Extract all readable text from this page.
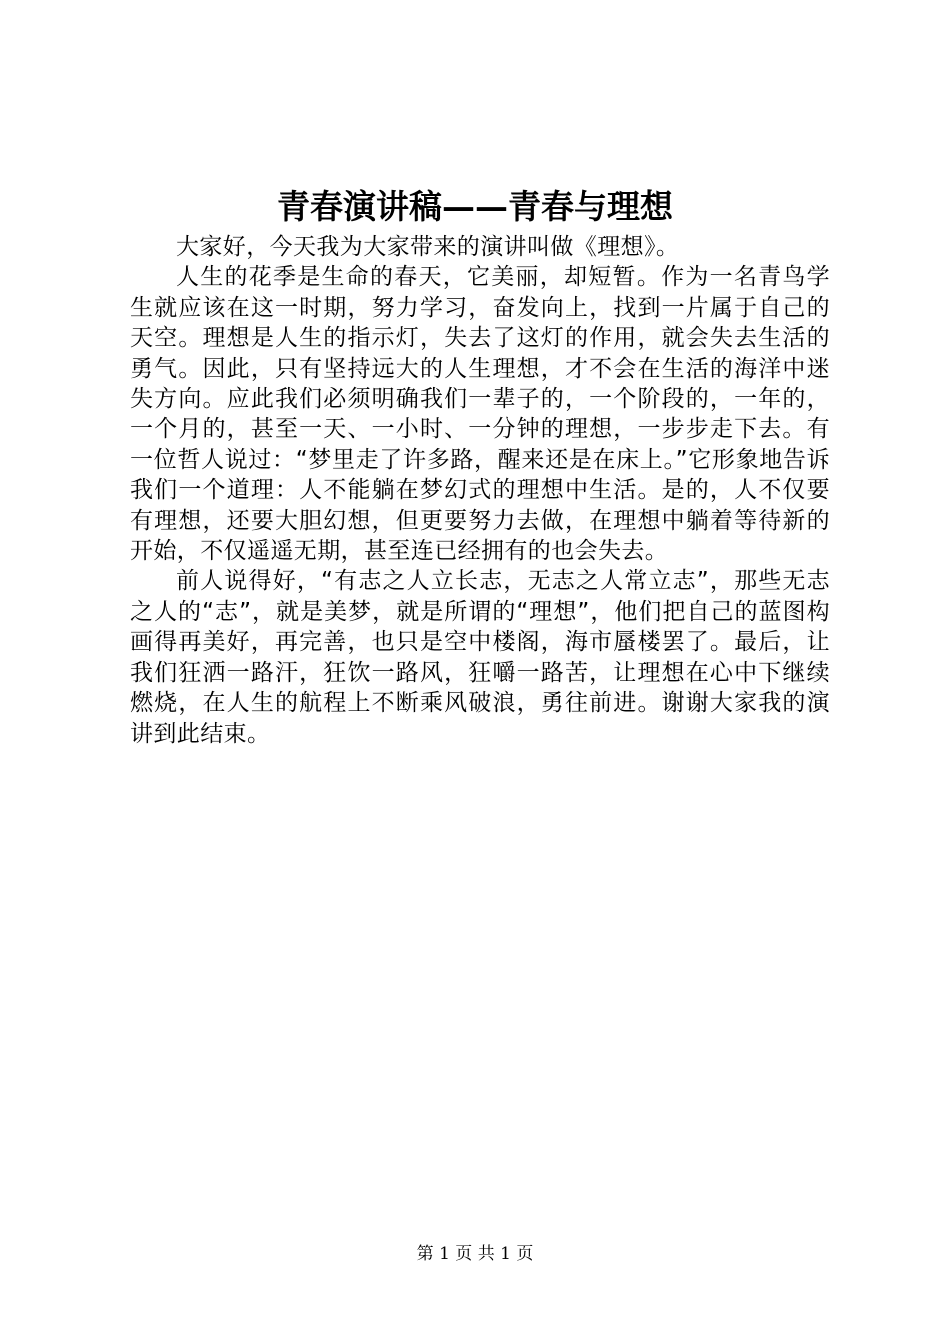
青春演讲稿——青春与理想

大家好，今天我为大家带来的演讲叫做《理想》。

人生的花季是生命的春天，它美丽，却短暂。作为一名青鸟学生就应该在这一时期，努力学习，奋发向上，找到一片属于自己的天空。理想是人生的指示灯，失去了这灯的作用，就会失去生活的勇气。因此，只有坚持远大的人生理想，才不会在生活的海洋中迷失方向。应此我们必须明确我们一辈子的，一个阶段的，一年的，一个月的，甚至一天、一小时、一分钟的理想，一步步走下去。有一位哲人说过：“梦里走了许多路，醒来还是在床上。”它形象地告诉我们一个道理：人不能躺在梦幻式的理想中生活。是的，人不仅要有理想，还要大胆幻想，但更要努力去做，在理想中躺着等待新的开始，不仅遥遥无期，甚至连已经拥有的也会失去。

前人说得好，“有志之人立长志，无志之人常立志”，那些无志之人的“志”，就是美梦，就是所谓的“理想”，他们把自己的蓝图构画得再美好，再完善，也只是空中楼阁，海市蜃楼罢了。最后，让我们狂洒一路汗，狂饮一路风，狂嚼一路苦，让理想在心中下继续燃烧，在人生的航程上不断乘风破浪，勇往前进。谢谢大家我的演讲到此结束。

第 1 页 共 1 页
